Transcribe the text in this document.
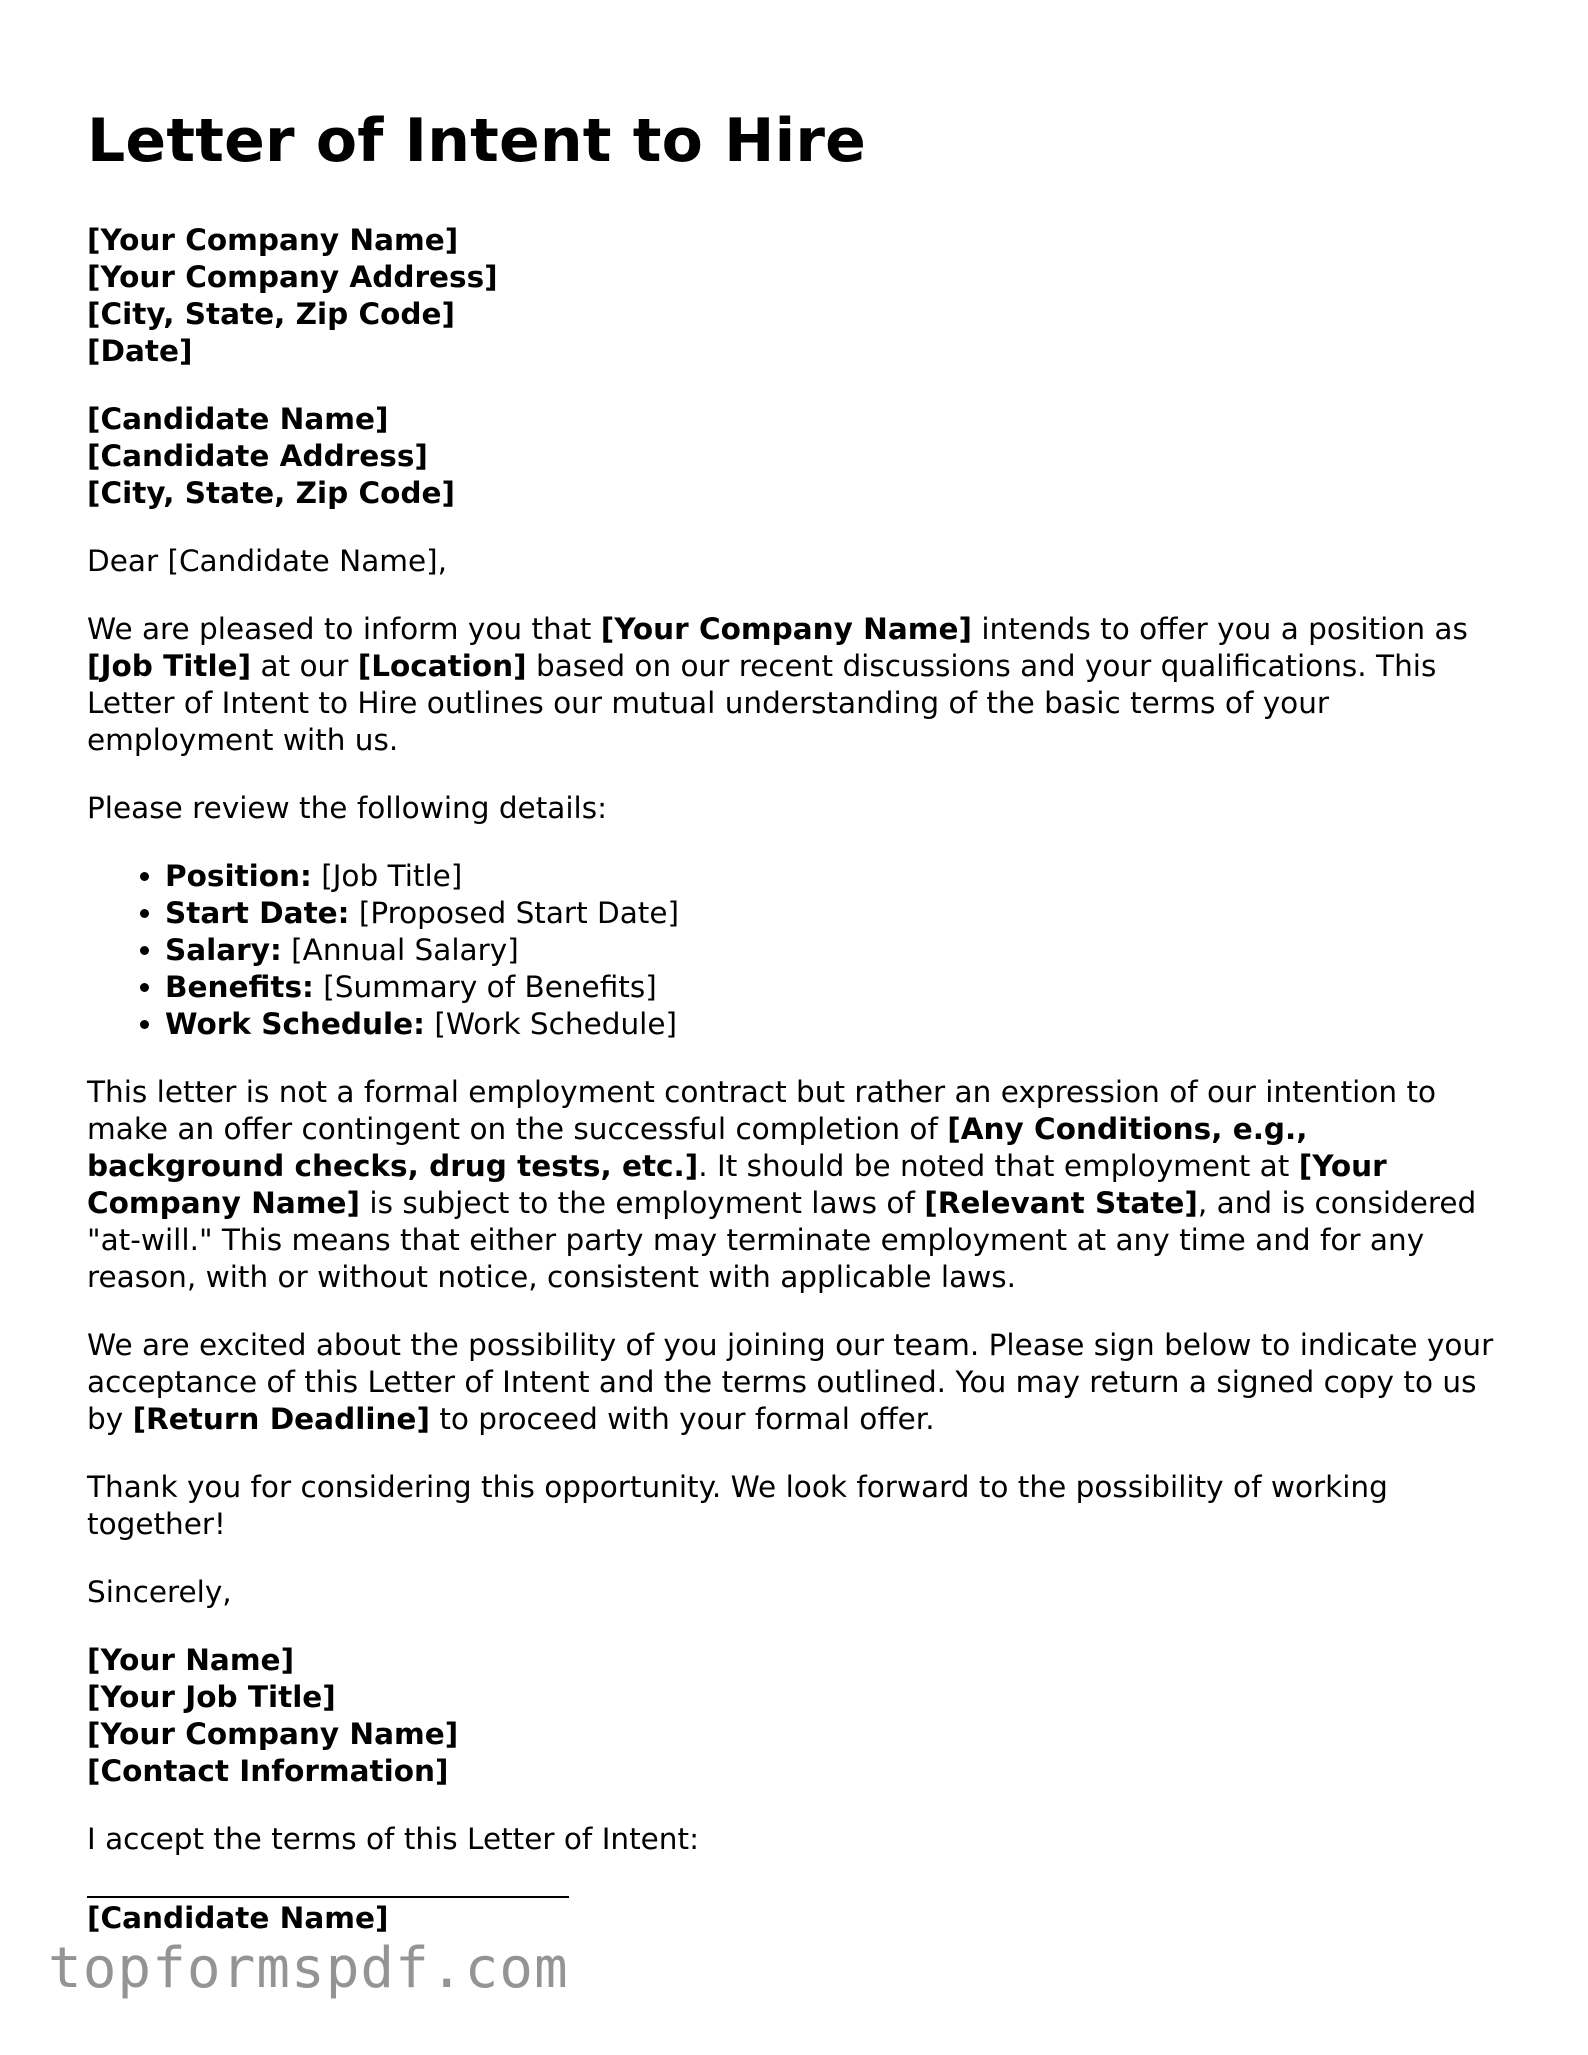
Letter of Intent to Hire
[Your Company Name]
[Your Company Address]
[City, State, Zip Code]
[Date]
[Candidate Name]
[Candidate Address]
[City, State, Zip Code]

Dear [Candidate Name],

We are pleased to inform you that [Your Company Name] intends to offer you a position as [Job Title] at our [Location] based on our recent discussions and your qualifications. This Letter of Intent to Hire outlines our mutual understanding of the basic terms of your employment with us.

Please review the following details:

• Position: [Job Title]
• Start Date: [Proposed Start Date]
• Salary: [Annual Salary]
• Benefits: [Summary of Benefits]
• Work Schedule: [Work Schedule]

This letter is not a formal employment contract but rather an expression of our intention to make an offer contingent on the successful completion of [Any Conditions, e.g., background checks, drug tests, etc.]. It should be noted that employment at [Your Company Name] is subject to the employment laws of [Relevant State], and is considered "at-will." This means that either party may terminate employment at any time and for any reason, with or without notice, consistent with applicable laws.

We are excited about the possibility of you joining our team. Please sign below to indicate your acceptance of this Letter of Intent and the terms outlined. You may return a signed copy to us by [Return Deadline] to proceed with your formal offer.

Thank you for considering this opportunity. We look forward to the possibility of working together!

Sincerely,

[Your Name]
[Your Job Title]
[Your Company Name]
[Contact Information]

I accept the terms of this Letter of Intent:

[Candidate Name]
topformspdf.com
